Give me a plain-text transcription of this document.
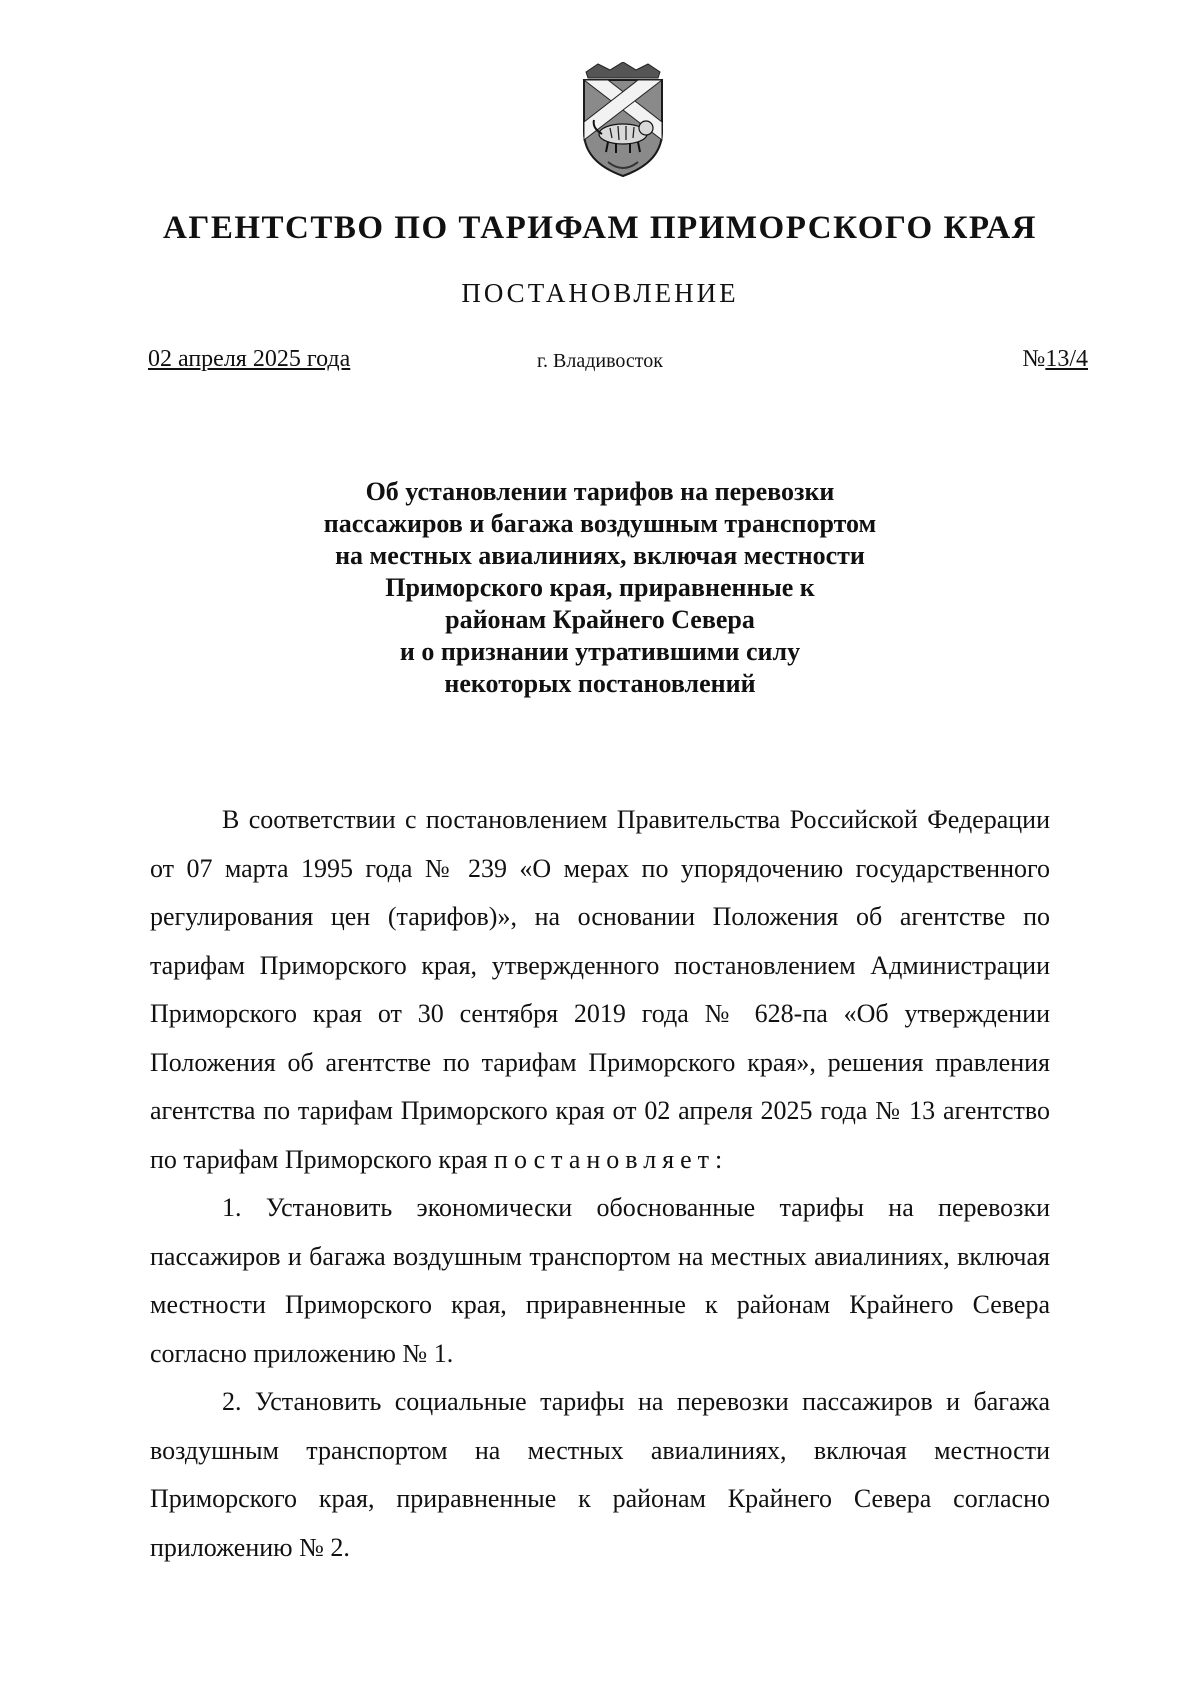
АГЕНТСТВО ПО ТАРИФАМ ПРИМОРСКОГО КРАЯ
ПОСТАНОВЛЕНИЕ
02 апреля 2025 года	г. Владивосток	№13/4
Об установлении тарифов на перевозки
пассажиров и багажа воздушным транспортом
на местных авиалиниях, включая местности
Приморского края, приравненные к
районам Крайнего Севера
и о признании утратившими силу
некоторых постановлений

В соответствии с постановлением Правительства Российской Федерации от 07 марта 1995 года № 239 «О мерах по упорядочению государственного регулирования цен (тарифов)», на основании Положения об агентстве по тарифам Приморского края, утвержденного постановлением Администрации Приморского края от 30 сентября 2019 года № 628-па «Об утверждении Положения об агентстве по тарифам Приморского края», решения правления агентства по тарифам Приморского края от 02 апреля 2025 года № 13 агентство по тарифам Приморского края постановляет:

1. Установить экономически обоснованные тарифы на перевозки пассажиров и багажа воздушным транспортом на местных авиалиниях, включая местности Приморского края, приравненные к районам Крайнего Севера согласно приложению № 1.

2. Установить социальные тарифы на перевозки пассажиров и багажа воздушным транспортом на местных авиалиниях, включая местности Приморского края, приравненные к районам Крайнего Севера согласно приложению № 2.
